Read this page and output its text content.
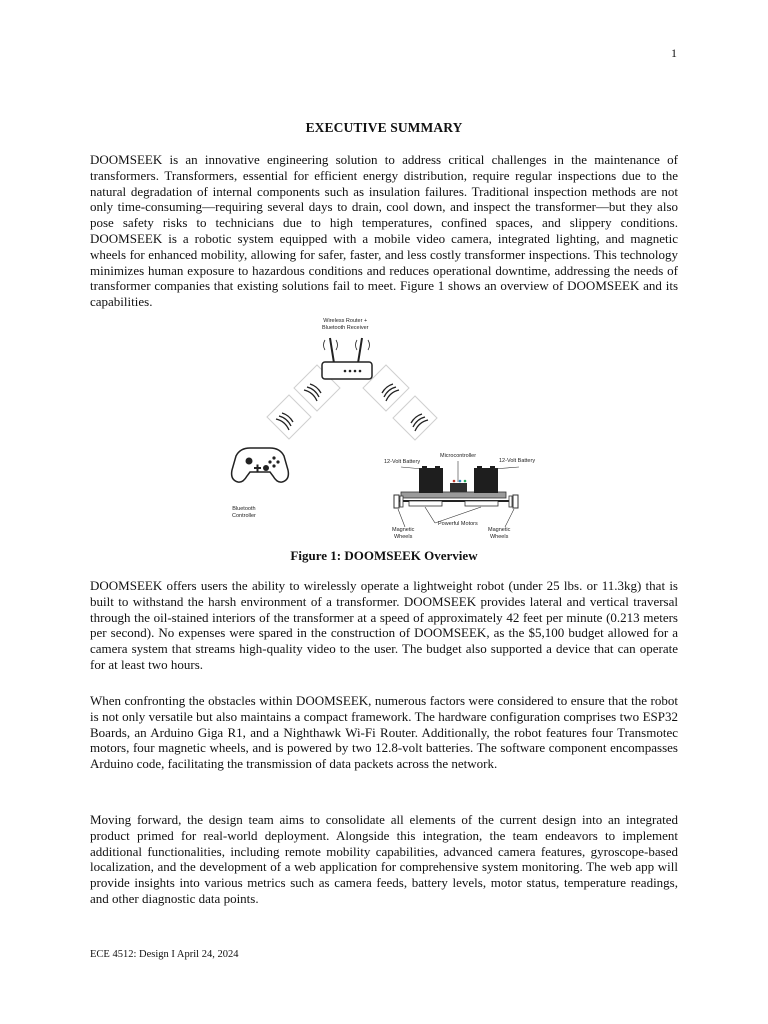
1
EXECUTIVE SUMMARY

DOOMSEEK is an innovative engineering solution to address critical challenges in the maintenance of transformers. Transformers, essential for efficient energy distribution, require regular inspections due to the natural degradation of internal components such as insulation failures. Traditional inspection methods are not only time-consuming—requiring several days to drain, cool down, and inspect the transformer—but they also pose safety risks to technicians due to high temperatures, confined spaces, and slippery conditions. DOOMSEEK is a robotic system equipped with a mobile video camera, integrated lighting, and magnetic wheels for enhanced mobility, allowing for safer, faster, and less costly transformer inspections. This technology minimizes human exposure to hazardous conditions and reduces operational downtime, addressing the needs of transformer companies that existing solutions fail to meet. Figure 1 shows an overview of DOOMSEEK and its capabilities.

Wireless Router +
Bluetooth Receiver
Bluetooth
Controller
Microcontroller
12-Volt Battery	12-Volt Battery
Powerful Motors
Magnetic
Wheels
Magnetic
Wheels
Figure 1: DOOMSEEK Overview

DOOMSEEK offers users the ability to wirelessly operate a lightweight robot (under 25 lbs. or 11.3kg) that is built to withstand the harsh environment of a transformer. DOOMSEEK provides lateral and vertical traversal through the oil-stained interiors of the transformer at a speed of approximately 42 feet per minute (0.213 meters per second). No expenses were spared in the construction of DOOMSEEK, as the $5,100 budget allowed for a camera system that streams high-quality video to the user. The budget also supported a device that can operate for at least two hours.

When confronting the obstacles within DOOMSEEK, numerous factors were considered to ensure that the robot is not only versatile but also maintains a compact framework. The hardware configuration comprises two ESP32 Boards, an Arduino Giga R1, and a Nighthawk Wi-Fi Router. Additionally, the robot features four Transmotec motors, four magnetic wheels, and is powered by two 12.8-volt batteries. The software component encompasses Arduino code, facilitating the transmission of data packets across the network.

Moving forward, the design team aims to consolidate all elements of the current design into an integrated product primed for real-world deployment. Alongside this integration, the team endeavors to implement additional functionalities, including remote mobility capabilities, advanced camera features, gyroscope-based localization, and the development of a web application for comprehensive system monitoring. The web app will provide insights into various metrics such as camera feeds, battery levels, motor status, temperature readings, and other diagnostic data points.

ECE 4512: Design I April 24, 2024
